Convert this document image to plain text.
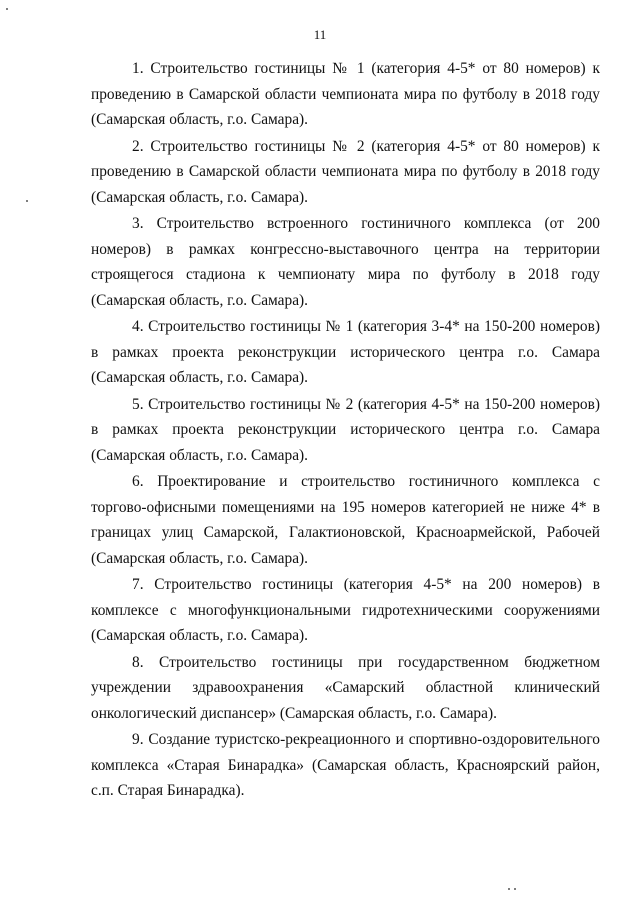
11

1. Строительство гостиницы № 1 (категория 4-5* от 80 номеров) к проведению в Самарской области чемпионата мира по футболу в 2018 году (Самарская область, г.о. Самара).

2. Строительство гостиницы № 2 (категория 4-5* от 80 номеров) к проведению в Самарской области чемпионата мира по футболу в 2018 году (Самарская область, г.о. Самара).

3. Строительство встроенного гостиничного комплекса (от 200 номеров) в рамках конгрессно-выставочного центра на территории строящегося стадиона к чемпионату мира по футболу в 2018 году (Самарская область, г.о. Самара).

4. Строительство гостиницы № 1 (категория 3-4* на 150-200 номеров) в рамках проекта реконструкции исторического центра г.о. Самара (Самарская область, г.о. Самара).

5. Строительство гостиницы № 2 (категория 4-5* на 150-200 номеров) в рамках проекта реконструкции исторического центра г.о. Самара (Самарская область, г.о. Самара).

6. Проектирование и строительство гостиничного комплекса с торгово-офисными помещениями на 195 номеров категорией не ниже 4* в границах улиц Самарской, Галактионовской, Красноармейской, Рабочей (Самарская область, г.о. Самара).

7. Строительство гостиницы (категория 4-5* на 200 номеров) в комплексе с многофункциональными гидротехническими сооружениями (Самарская область, г.о. Самара).

8. Строительство гостиницы при государственном бюджетном учреждении здравоохранения «Самарский областной клинический онкологический диспансер» (Самарская область, г.о. Самара).

9. Создание туристско-рекреационного и спортивно-оздоровительного комплекса «Старая Бинарадка» (Самарская область, Красноярский район, с.п. Старая Бинарадка).
